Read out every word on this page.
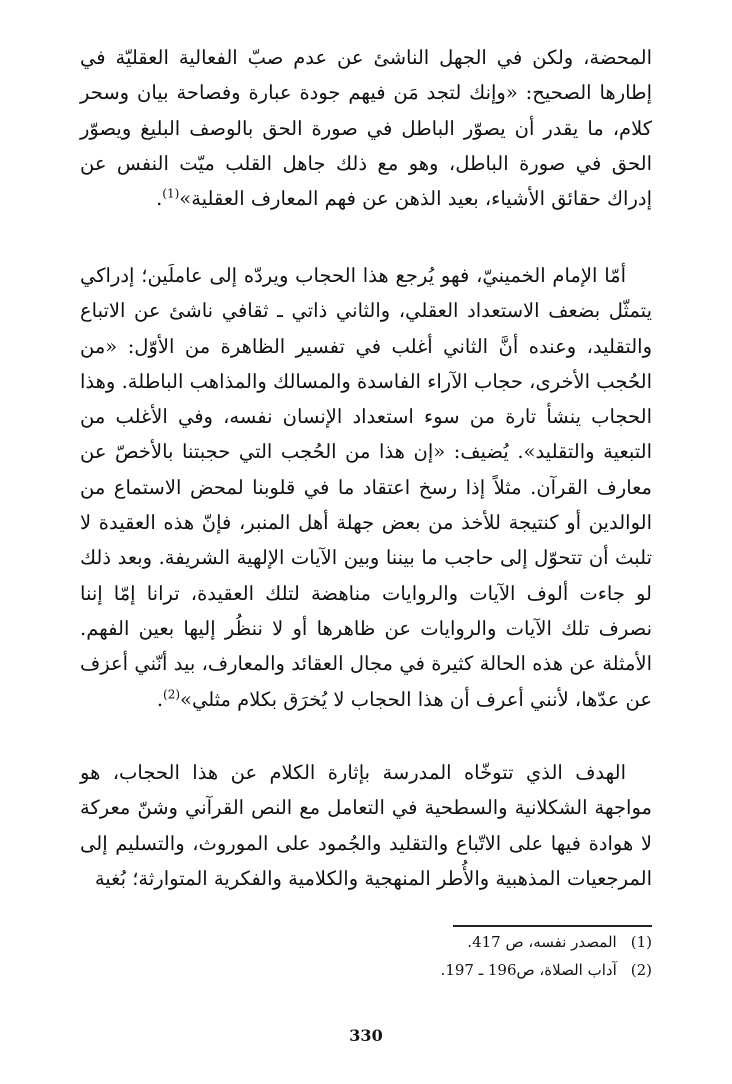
المحضة، ولكن في الجهل الناشئ عن عدم صبّ الفعالية العقليّة في إطارها الصحيح: «وإنك لتجد مَن فيهم جودة عبارة وفصاحة بيان وسحر كلام، ما يقدر أن يصوّر الباطل في صورة الحق بالوصف البليغ ويصوّر الحق في صورة الباطل، وهو مع ذلك جاهل القلب ميّت النفس عن إدراك حقائق الأشياء، بعيد الذهن عن فهم المعارف العقلية»$^{(1)}$.

أمّا الإمام الخمينيّ، فهو يُرجع هذا الحجاب ويردّه إلى عاملَين؛ إدراكي يتمثّل بضعف الاستعداد العقلي، والثاني ذاتي ـ ثقافي ناشئ عن الاتباع والتقليد، وعنده أنَّ الثاني أغلب في تفسير الظاهرة من الأوّل: «من الحُجب الأخرى، حجاب الآراء الفاسدة والمسالك والمذاهب الباطلة. وهذا الحجاب ينشأ تارة من سوء استعداد الإنسان نفسه، وفي الأغلب من التبعية والتقليد». يُضيف: «إن هذا من الحُجب التي حجبتنا بالأخصّ عن معارف القرآن. مثلاً إذا رسخ اعتقاد ما في قلوبنا لمحض الاستماع من الوالدين أو كنتيجة للأخذ من بعض جهلة أهل المنبر، فإنّ هذه العقيدة لا تلبث أن تتحوّل إلى حاجب ما بيننا وبين الآيات الإلهية الشريفة. وبعد ذلك لو جاءت ألوف الآيات والروايات مناهضة لتلك العقيدة، ترانا إمّا إننا نصرف تلك الآيات والروايات عن ظاهرها أو لا ننظُر إليها بعين الفهم. الأمثلة عن هذه الحالة كثيرة في مجال العقائد والمعارف، بيد أنّني أعزف عن عدّها، لأنني أعرف أن هذا الحجاب لا يُخرَق بكلام مثلي»$^{(2)}$.

الهدف الذي تتوخّاه المدرسة بإثارة الكلام عن هذا الحجاب، هو مواجهة الشكلانية والسطحية في التعامل مع النص القرآني وشنّ معركة لا هوادة فيها على الاتّباع والتقليد والجُمود على الموروث، والتسليم إلى المرجعيات المذهبية والأُطر المنهجية والكلامية والفكرية المتوارثة؛ بُغية

(1)المصدر نفسه، ص 417.
(2)آداب الصلاة، ص196 ـ 197.
330
